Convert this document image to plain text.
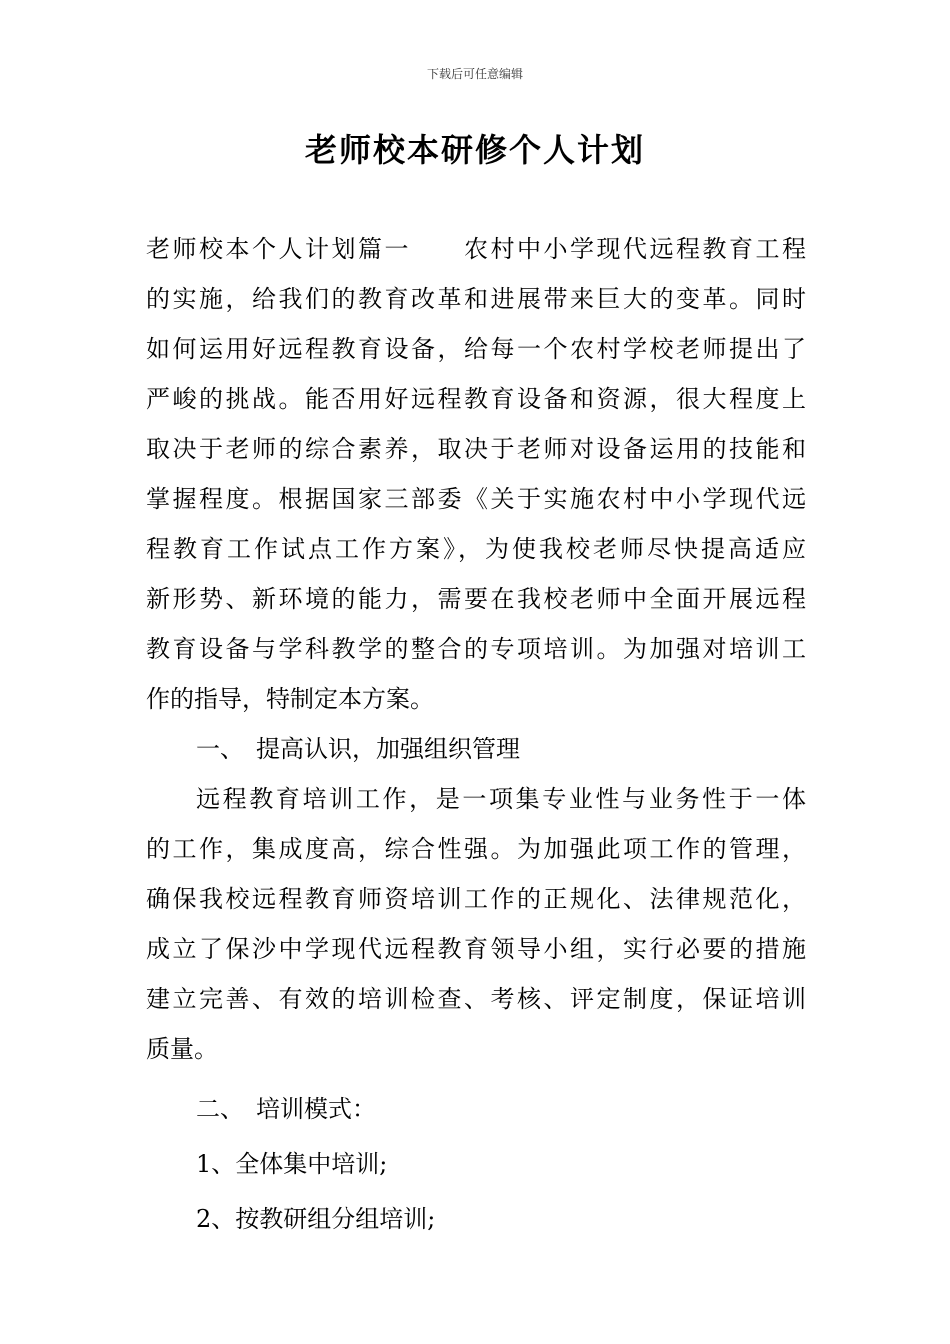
下载后可任意编辑
老师校本研修个人计划
老师校本个人计划篇一　　农村中小学现代远程教育工程
的实施，给我们的教育改革和进展带来巨大的变革。同时
如何运用好远程教育设备，给每一个农村学校老师提出了
严峻的挑战。能否用好远程教育设备和资源，很大程度上
取决于老师的综合素养，取决于老师对设备运用的技能和
掌握程度。根据国家三部委《关于实施农村中小学现代远
程教育工作试点工作方案》，为使我校老师尽快提高适应
新形势、新环境的能力，需要在我校老师中全面开展远程
教育设备与学科教学的整合的专项培训。为加强对培训工
作的指导，特制定本方案。
一、　提高认识，加强组织管理
远程教育培训工作，是一项集专业性与业务性于一体
的工作，集成度高，综合性强。为加强此项工作的管理，
确保我校远程教育师资培训工作的正规化、法律规范化，
成立了保沙中学现代远程教育领导小组，实行必要的措施
建立完善、有效的培训检查、考核、评定制度，保证培训
质量。
二、　培训模式：
1、全体集中培训;
2、按教研组分组培训;
